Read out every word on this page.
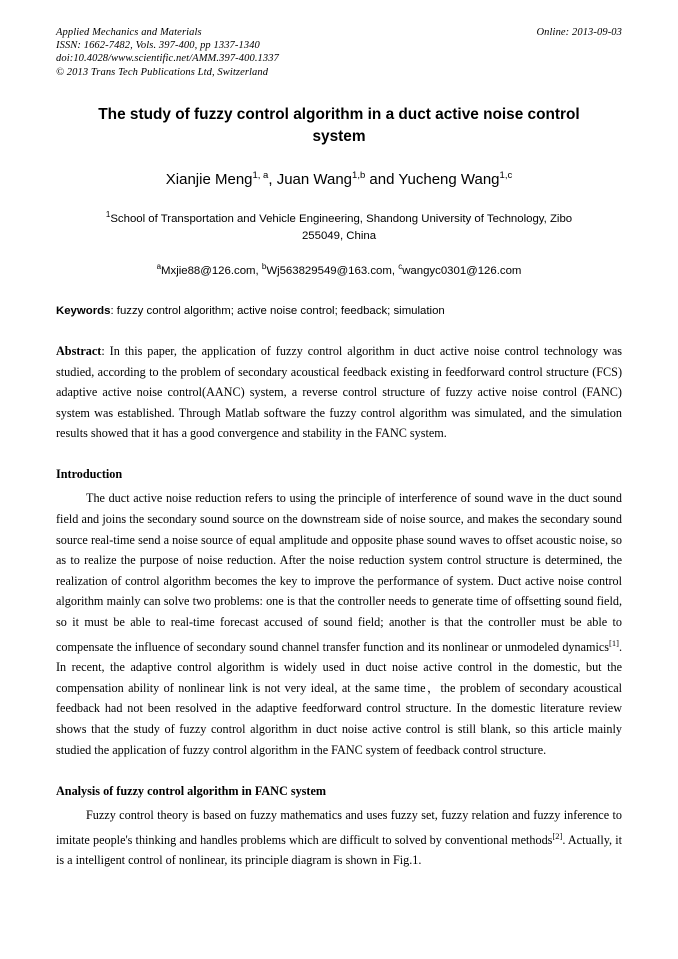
Online: 2013-09-03
Applied Mechanics and Materials
ISSN: 1662-7482, Vols. 397-400, pp 1337-1340
doi:10.4028/www.scientific.net/AMM.397-400.1337
© 2013 Trans Tech Publications Ltd, Switzerland
The study of fuzzy control algorithm in a duct active noise control system
Xianjie Meng$^{1, a}$, Juan Wang$^{1,b}$ and Yucheng Wang$^{1,c}$
$^1$School of Transportation and Vehicle Engineering, Shandong University of Technology, Zibo 255049, China
$^a$Mxjie88@126.com, $^b$Wj563829549@163.com, $^c$wangyc0301@126.com
Keywords: fuzzy control algorithm; active noise control; feedback; simulation
Abstract: In this paper, the application of fuzzy control algorithm in duct active noise control technology was studied, according to the problem of secondary acoustical feedback existing in feedforward control structure (FCS) adaptive active noise control(AANC) system, a reverse control structure of fuzzy active noise control (FANC) system was established. Through Matlab software the fuzzy control algorithm was simulated, and the simulation results showed that it has a good convergence and stability in the FANC system.
Introduction
The duct active noise reduction refers to using the principle of interference of sound wave in the duct sound field and joins the secondary sound source on the downstream side of noise source, and makes the secondary sound source real-time send a noise source of equal amplitude and opposite phase sound waves to offset acoustic noise, so as to realize the purpose of noise reduction. After the noise reduction system control structure is determined, the realization of control algorithm becomes the key to improve the performance of system. Duct active noise control algorithm mainly can solve two problems: one is that the controller needs to generate time of offsetting sound field, so it must be able to real-time forecast accused of sound field; another is that the controller must be able to compensate the influence of secondary sound channel transfer function and its nonlinear or unmodeled dynamics[1]. In recent, the adaptive control algorithm is widely used in duct noise active control in the domestic, but the compensation ability of nonlinear link is not very ideal, at the same time，the problem of secondary acoustical feedback had not been resolved in the adaptive feedforward control structure. In the domestic literature review shows that the study of fuzzy control algorithm in duct noise active control is still blank, so this article mainly studied the application of fuzzy control algorithm in the FANC system of feedback control structure.
Analysis of fuzzy control algorithm in FANC system
Fuzzy control theory is based on fuzzy mathematics and uses fuzzy set, fuzzy relation and fuzzy inference to imitate people's thinking and handles problems which are difficult to solved by conventional methods[2]. Actually, it is a intelligent control of nonlinear, its principle diagram is shown in Fig.1.
